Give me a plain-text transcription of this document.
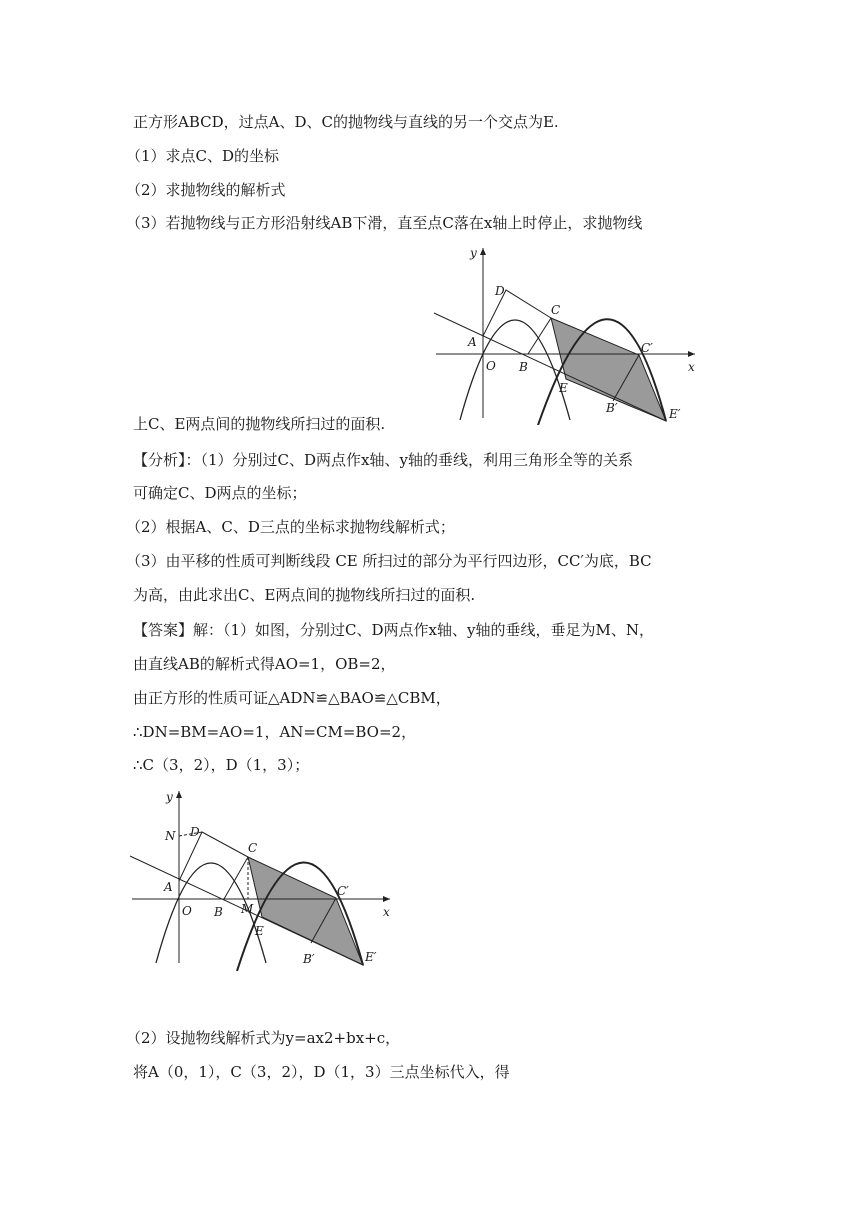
正方形ABCD，过点A、D、C的抛物线与直线的另一个交点为E.
（1）求点C、D的坐标
（2）求抛物线的解析式
（3）若抛物线与正方形沿射线AB下滑，直至点C落在x轴上时停止，求抛物线
y
x
D
C
A
O B
E
C′
B′	E′
上C、E两点间的抛物线所扫过的面积.
【分析】：（1）分别过C、D两点作x轴、y轴的垂线，利用三角形全等的关系
可确定C、D两点的坐标；
（2）根据A、C、D三点的坐标求抛物线解析式；
（3）由平移的性质可判断线段 CE 所扫过的部分为平行四边形，CC′为底，BC
为高，由此求出C、E两点间的抛物线所扫过的面积.
【答案】解：（1）如图，分别过C、D两点作x轴、y轴的垂线，垂足为M、N，
由直线AB的解析式得AO=1，OB=2，
由正方形的性质可证△ADN≌△BAO≌△CBM，
∴DN=BM=AO=1，AN=CM=BO=2，
∴C（3，2），D（1，3）；
y
x
N D
C
A
O B M
E
C′
B′	E′
（2）设抛物线解析式为y=ax2+bx+c，
将A（0，1），C（3，2），D（1，3）三点坐标代入，得
